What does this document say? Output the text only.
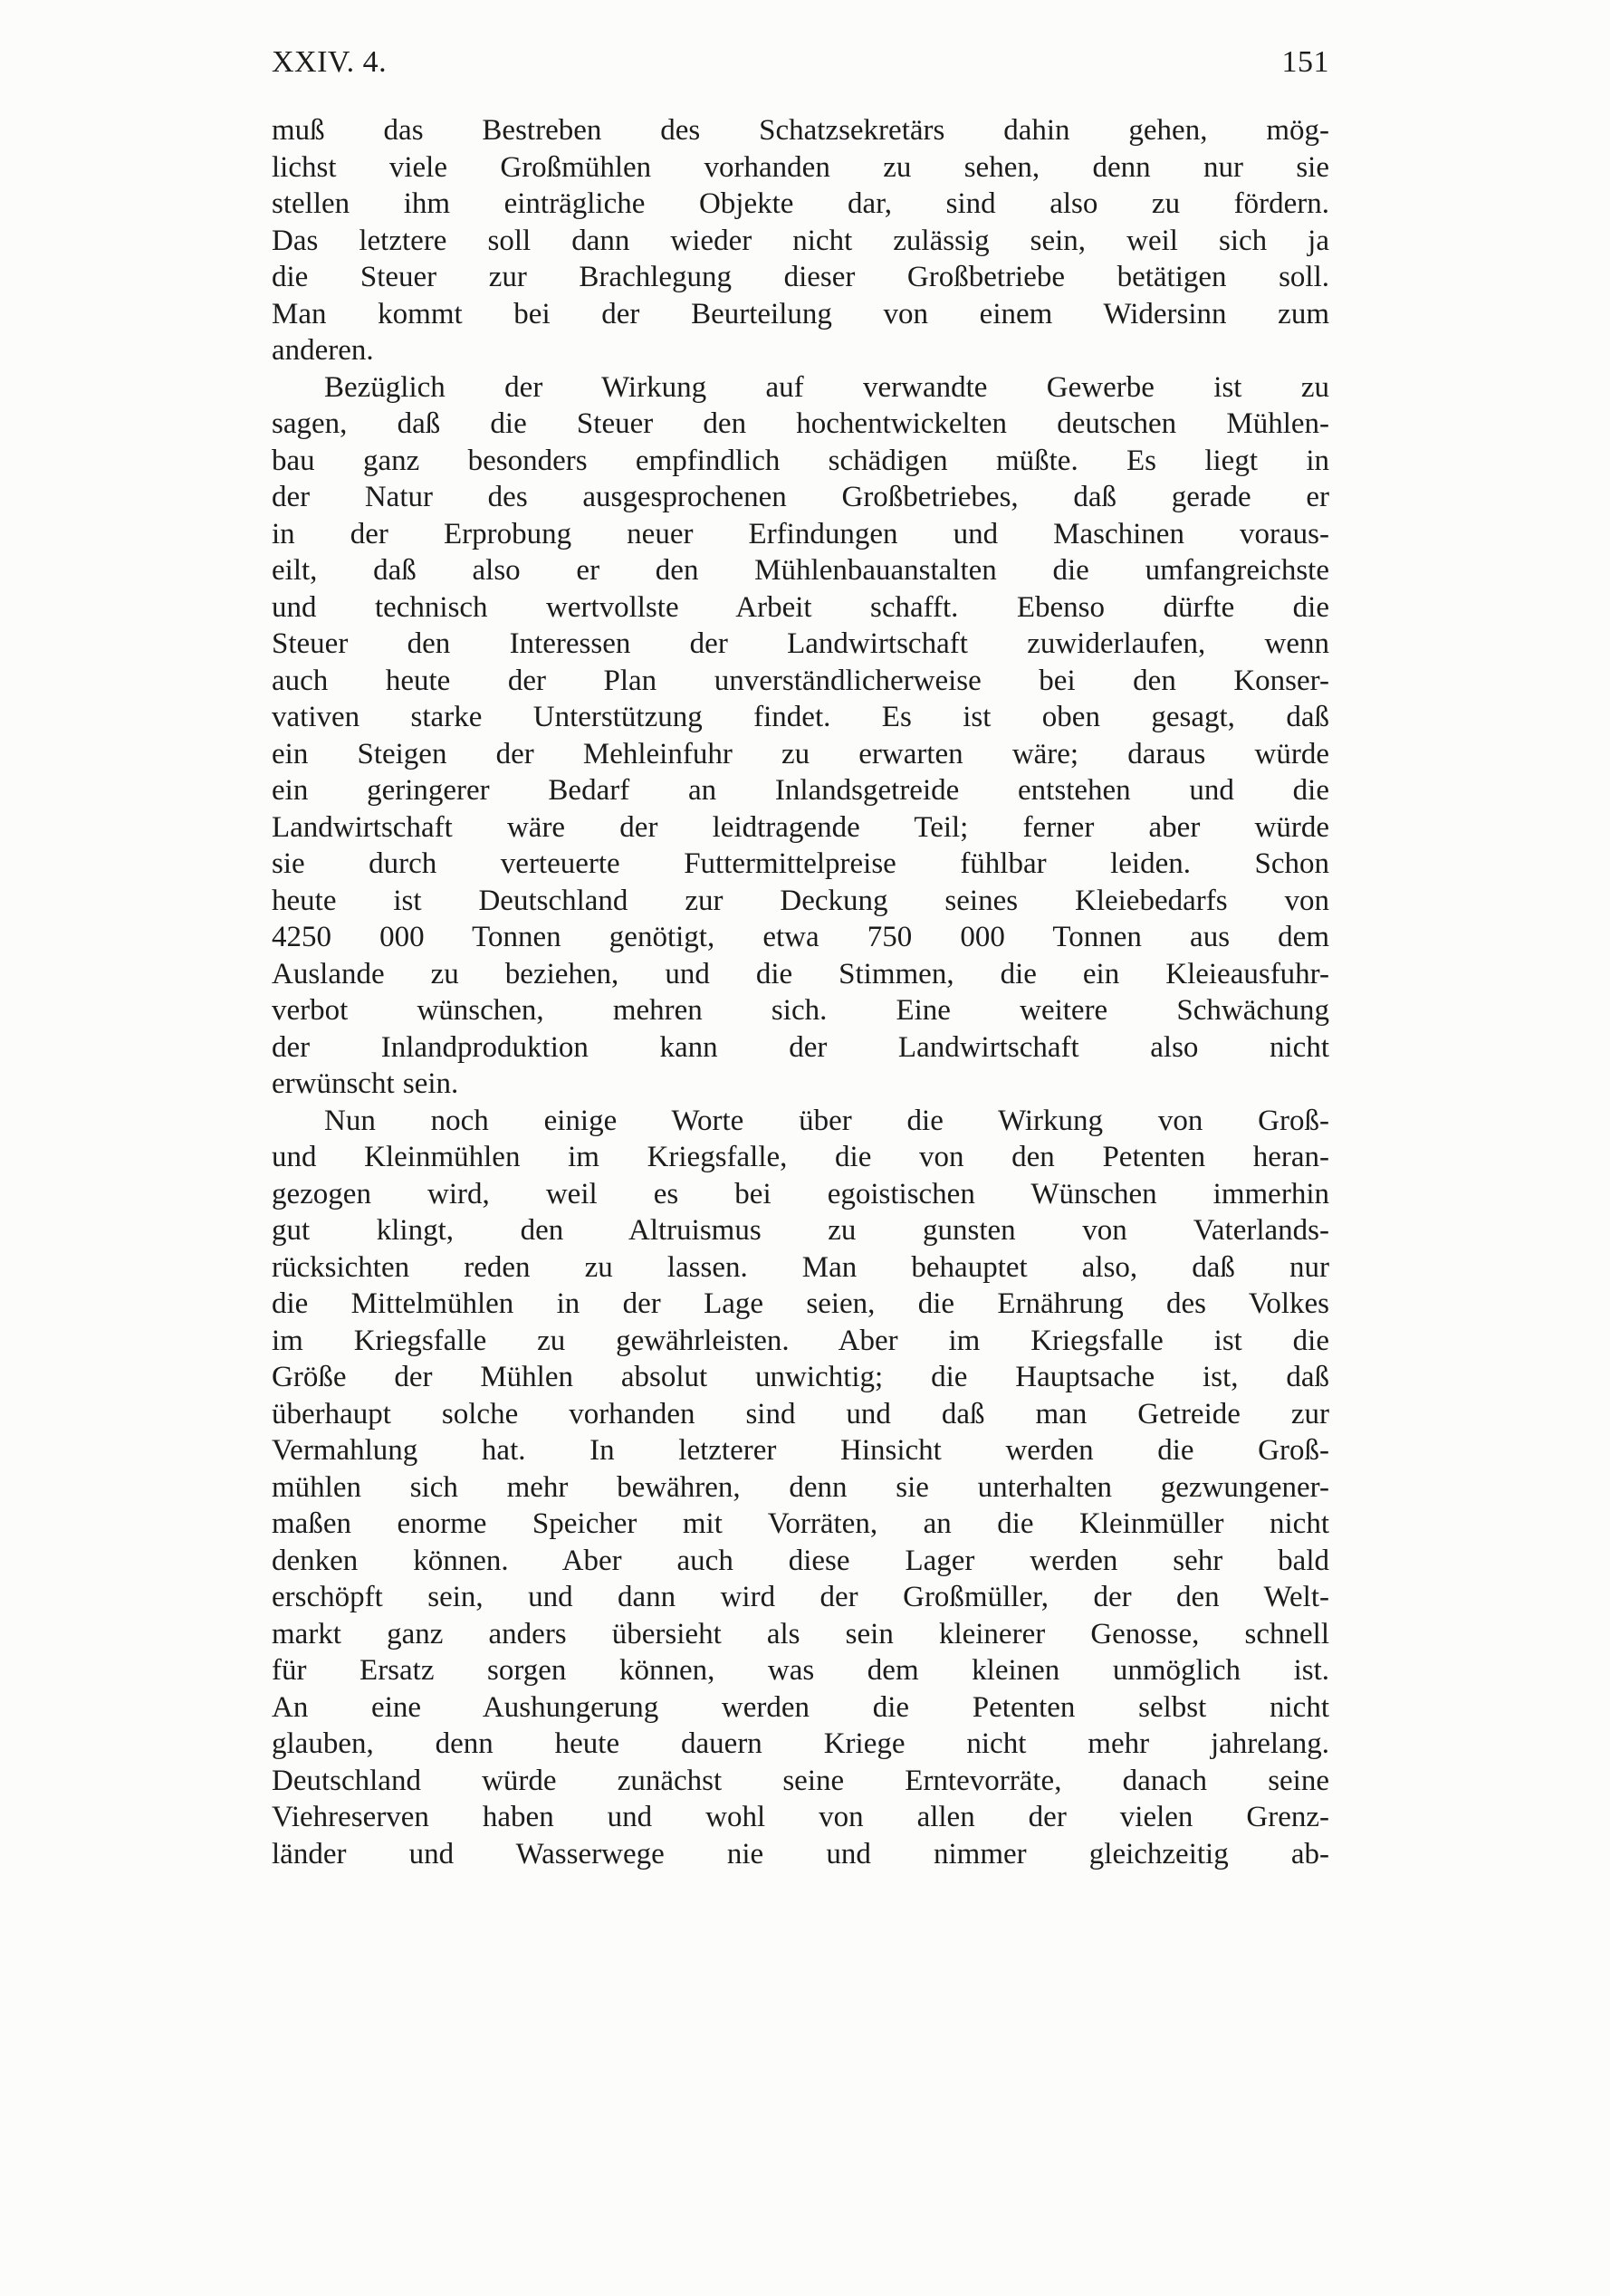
XXIV. 4.	151
muß das Bestreben des Schatzsekretärs dahin gehen, mög-
lichst viele Großmühlen vorhanden zu sehen, denn nur sie
stellen ihm einträgliche Objekte dar, sind also zu fördern.
Das letztere soll dann wieder nicht zulässig sein, weil sich ja
die Steuer zur Brachlegung dieser Großbetriebe betätigen soll.
Man kommt bei der Beurteilung von einem Widersinn zum
anderen.
Bezüglich der Wirkung auf verwandte Gewerbe ist zu
sagen, daß die Steuer den hochentwickelten deutschen Mühlen-
bau ganz besonders empfindlich schädigen müßte. Es liegt in
der Natur des ausgesprochenen Großbetriebes, daß gerade er
in der Erprobung neuer Erfindungen und Maschinen voraus-
eilt, daß also er den Mühlenbauanstalten die umfangreichste
und technisch wertvollste Arbeit schafft. Ebenso dürfte die
Steuer den Interessen der Landwirtschaft zuwiderlaufen, wenn
auch heute der Plan unverständlicherweise bei den Konser-
vativen starke Unterstützung findet. Es ist oben gesagt, daß
ein Steigen der Mehleinfuhr zu erwarten wäre; daraus würde
ein geringerer Bedarf an Inlandsgetreide entstehen und die
Landwirtschaft wäre der leidtragende Teil; ferner aber würde
sie durch verteuerte Futtermittelpreise fühlbar leiden. Schon
heute ist Deutschland zur Deckung seines Kleiebedarfs von
4250 000 Tonnen genötigt, etwa 750 000 Tonnen aus dem
Auslande zu beziehen, und die Stimmen, die ein Kleieausfuhr-
verbot wünschen, mehren sich. Eine weitere Schwächung
der Inlandproduktion kann der Landwirtschaft also nicht
erwünscht sein.
Nun noch einige Worte über die Wirkung von Groß-
und Kleinmühlen im Kriegsfalle, die von den Petenten heran-
gezogen wird, weil es bei egoistischen Wünschen immerhin
gut klingt, den Altruismus zu gunsten von Vaterlands-
rücksichten reden zu lassen. Man behauptet also, daß nur
die Mittelmühlen in der Lage seien, die Ernährung des Volkes
im Kriegsfalle zu gewährleisten. Aber im Kriegsfalle ist die
Größe der Mühlen absolut unwichtig; die Hauptsache ist, daß
überhaupt solche vorhanden sind und daß man Getreide zur
Vermahlung hat. In letzterer Hinsicht werden die Groß-
mühlen sich mehr bewähren, denn sie unterhalten gezwungener-
maßen enorme Speicher mit Vorräten, an die Kleinmüller nicht
denken können. Aber auch diese Lager werden sehr bald
erschöpft sein, und dann wird der Großmüller, der den Welt-
markt ganz anders übersieht als sein kleinerer Genosse, schnell
für Ersatz sorgen können, was dem kleinen unmöglich ist.
An eine Aushungerung werden die Petenten selbst nicht
glauben, denn heute dauern Kriege nicht mehr jahrelang.
Deutschland würde zunächst seine Erntevorräte, danach seine
Viehreserven haben und wohl von allen der vielen Grenz-
länder und Wasserwege nie und nimmer gleichzeitig ab-
